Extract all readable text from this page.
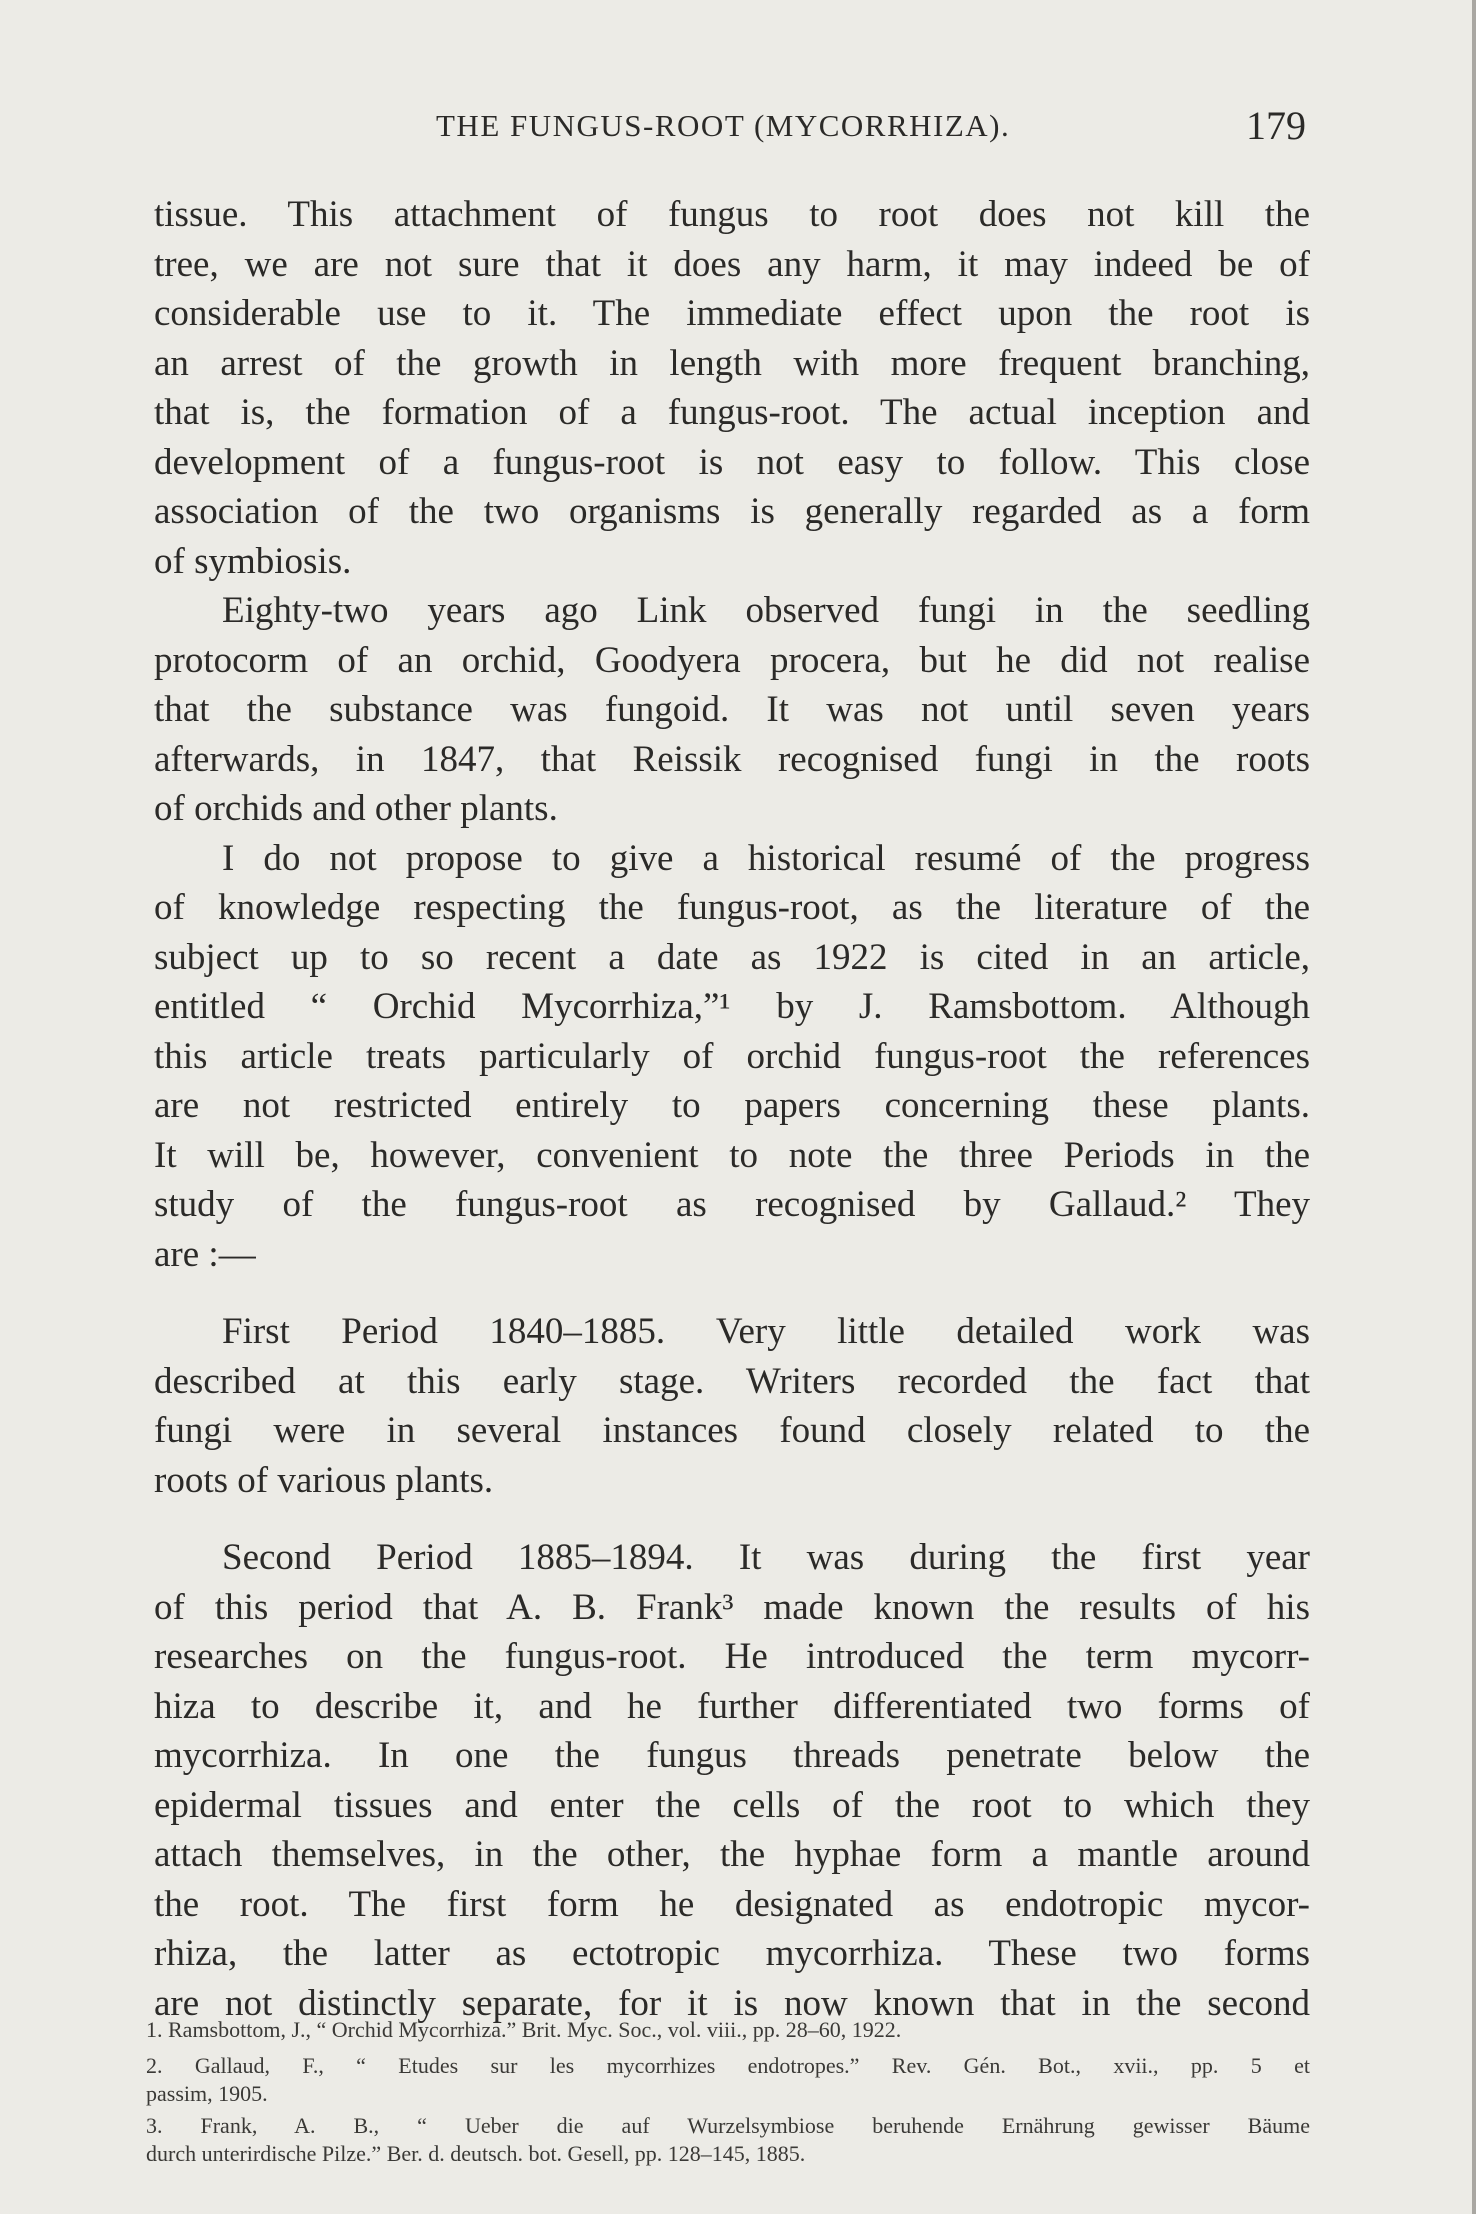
THE FUNGUS-ROOT (MYCORRHIZA).	179
tissue. This attachment of fungus to root does not kill the
tree, we are not sure that it does any harm, it may indeed be of
considerable use to it. The immediate effect upon the root is
an arrest of the growth in length with more frequent branching,
that is, the formation of a fungus-root. The actual inception and
development of a fungus-root is not easy to follow. This close
association of the two organisms is generally regarded as a form
of symbiosis.
Eighty-two years ago Link observed fungi in the seedling
protocorm of an orchid, Goodyera procera, but he did not realise
that the substance was fungoid. It was not until seven years
afterwards, in 1847, that Reissik recognised fungi in the roots
of orchids and other plants.
I do not propose to give a historical resumé of the progress
of knowledge respecting the fungus-root, as the literature of the
subject up to so recent a date as 1922 is cited in an article,
entitled “ Orchid Mycorrhiza,”¹ by J. Ramsbottom. Although
this article treats particularly of orchid fungus-root the references
are not restricted entirely to papers concerning these plants.
It will be, however, convenient to note the three Periods in the
study of the fungus-root as recognised by Gallaud.² They
are :—
First Period 1840–1885. Very little detailed work was
described at this early stage. Writers recorded the fact that
fungi were in several instances found closely related to the
roots of various plants.
Second Period 1885–1894. It was during the first year
of this period that A. B. Frank³ made known the results of his
researches on the fungus-root. He introduced the term mycorr-
hiza to describe it, and he further differentiated two forms of
mycorrhiza. In one the fungus threads penetrate below the
epidermal tissues and enter the cells of the root to which they
attach themselves, in the other, the hyphae form a mantle around
the root. The first form he designated as endotropic mycor-
rhiza, the latter as ectotropic mycorrhiza. These two forms
are not distinctly separate, for it is now known that in the second
1. Ramsbottom, J., “ Orchid Mycorrhiza.” Brit. Myc. Soc., vol. viii., pp. 28–60, 1922.
2. Gallaud, F., “ Etudes sur les mycorrhizes endotropes.” Rev. Gén. Bot., xvii., pp. 5 et
passim, 1905.
3. Frank, A. B., “ Ueber die auf Wurzelsymbiose beruhende Ernährung gewisser Bäume
durch unterirdische Pilze.” Ber. d. deutsch. bot. Gesell, pp. 128–145, 1885.
